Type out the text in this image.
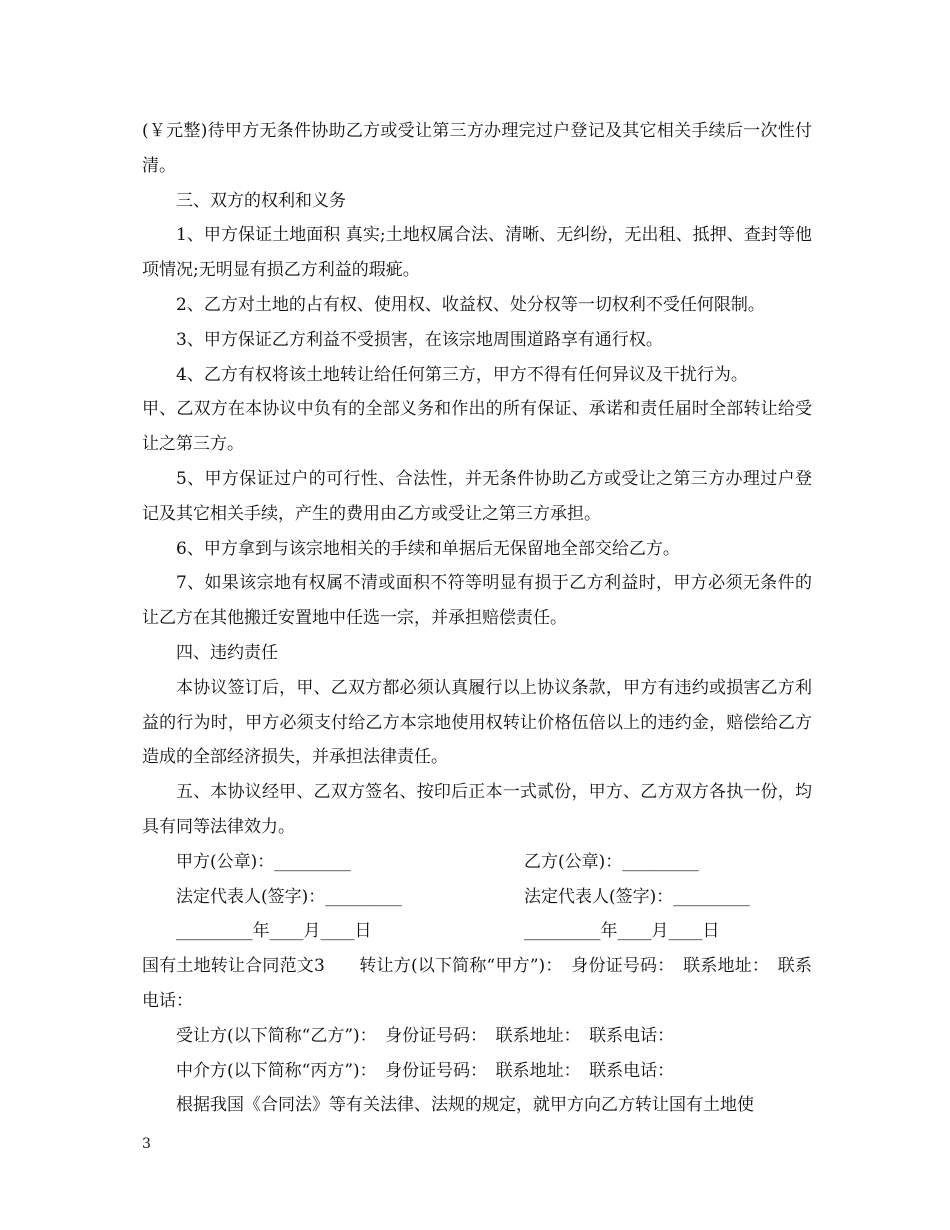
(￥元整)待甲方无条件协助乙方或受让第三方办理完过户登记及其它相关手续后一次性付清。

三、双方的权利和义务

1、甲方保证土地面积 真实;土地权属合法、清晰、无纠纷，无出租、抵押、查封等他项情况;无明显有损乙方利益的瑕疵。

2、乙方对土地的占有权、使用权、收益权、处分权等一切权利不受任何限制。

3、甲方保证乙方利益不受损害，在该宗地周围道路享有通行权。

4、乙方有权将该土地转让给任何第三方，甲方不得有任何异议及干扰行为。

甲、乙双方在本协议中负有的全部义务和作出的所有保证、承诺和责任届时全部转让给受让之第三方。

5、甲方保证过户的可行性、合法性，并无条件协助乙方或受让之第三方办理过户登记及其它相关手续，产生的费用由乙方或受让之第三方承担。

6、甲方拿到与该宗地相关的手续和单据后无保留地全部交给乙方。

7、如果该宗地有权属不清或面积不符等明显有损于乙方利益时，甲方必须无条件的让乙方在其他搬迁安置地中任选一宗，并承担赔偿责任。

四、违约责任

本协议签订后，甲、乙双方都必须认真履行以上协议条款，甲方有违约或损害乙方利益的行为时，甲方必须支付给乙方本宗地使用权转让价格伍倍以上的违约金，赔偿给乙方造成的全部经济损失，并承担法律责任。

五、本协议经甲、乙双方签名、按印后正本一式贰份，甲方、乙方双方各执一份，均具有同等法律效力。

甲方(公章)：_________	乙方(公章)：_________
法定代表人(签字)：_________	法定代表人(签字)：_________
_________年____月____日	_________年____月____日

国有土地转让合同范文3　　转让方(以下简称“甲方”)：　身份证号码：　联系地址：　联系电话：

受让方(以下简称“乙方”)：　身份证号码：　联系地址：　联系电话：

中介方(以下简称“丙方”)：　身份证号码：　联系地址：　联系电话：

根据我国《合同法》等有关法律、法规的规定，就甲方向乙方转让国有土地使

3
